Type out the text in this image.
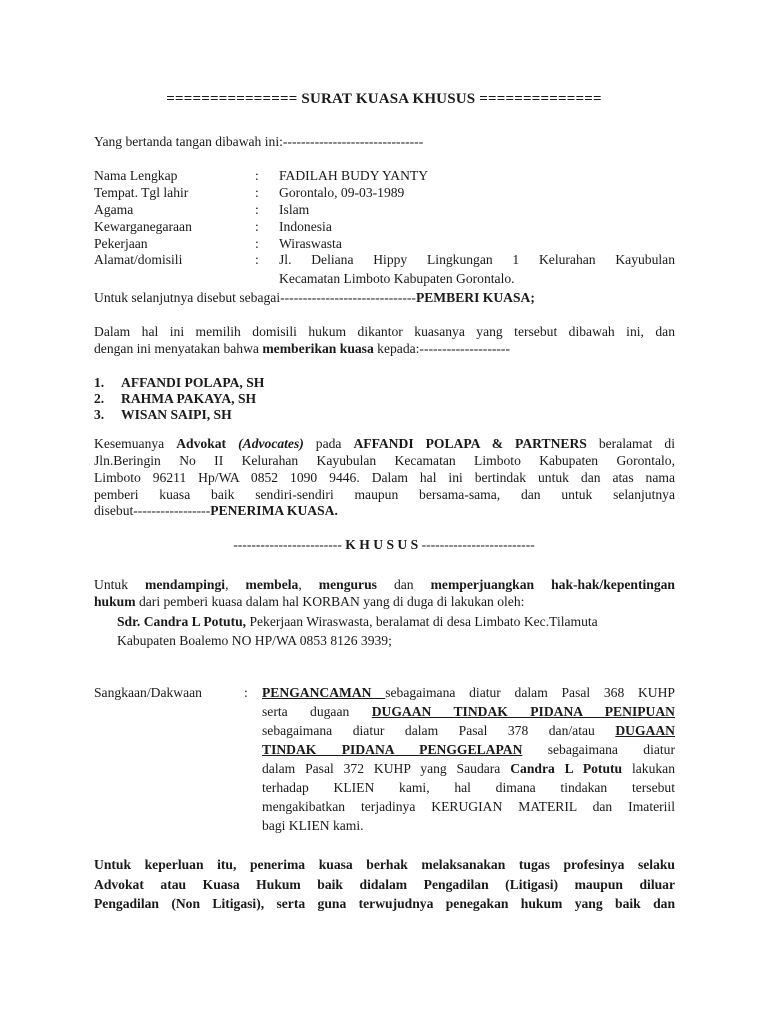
=============== SURAT KUASA KHUSUS ==============
Yang bertanda tangan dibawah ini:-------------------------------
Nama Lengkap	: FADILAH BUDY YANTY
Tempat. Tgl lahir	: Gorontalo, 09-03-1989
Agama	: Islam
Kewarganegaraan	: Indonesia
Pekerjaan	: Wiraswasta
Alamat/domisili	: Jl. Deliana Hippy Lingkungan 1 Kelurahan Kayubulan
Kecamatan Limboto Kabupaten Gorontalo.
Untuk selanjutnya disebut sebagai------------------------------PEMBERI KUASA;
Dalam hal ini memilih domisili hukum dikantor kuasanya yang tersebut dibawah ini, dan
dengan ini menyatakan bahwa memberikan kuasa kepada:--------------------
1. AFFANDI POLAPA, SH
2. RAHMA PAKAYA, SH
3. WISAN SAIPI, SH
Kesemuanya Advokat (Advocates) pada AFFANDI POLAPA & PARTNERS beralamat di
Jln.Beringin No II Kelurahan Kayubulan Kecamatan Limboto Kabupaten Gorontalo,
Limboto 96211 Hp/WA 0852 1090 9446. Dalam hal ini bertindak untuk dan atas nama
pemberi kuasa baik sendiri-sendiri maupun bersama-sama, dan untuk selanjutnya
disebut-----------------PENERIMA KUASA.
------------------------ K H U S U S -------------------------
Untuk mendampingi, membela, mengurus dan memperjuangkan hak-hak/kepentingan
hukum dari pemberi kuasa dalam hal KORBAN yang di duga di lakukan oleh:
Sdr. Candra L Potutu, Pekerjaan Wiraswasta, beralamat di desa Limbato Kec.Tilamuta
Kabupaten Boalemo NO HP/WA 0853 8126 3939;
Sangkaan/Dakwaan	: PENGANCAMAN sebagaimana diatur dalam Pasal 368 KUHP
serta dugaan DUGAAN TINDAK PIDANA PENIPUAN
sebagaimana diatur dalam Pasal 378 dan/atau DUGAAN
TINDAK PIDANA PENGGELAPAN sebagaimana diatur
dalam Pasal 372 KUHP yang Saudara Candra L Potutu lakukan
terhadap KLIEN kami, hal dimana tindakan tersebut
mengakibatkan terjadinya KERUGIAN MATERIL dan Imateriil
bagi KLIEN kami.
Untuk keperluan itu, penerima kuasa berhak melaksanakan tugas profesinya selaku
Advokat atau Kuasa Hukum baik didalam Pengadilan (Litigasi) maupun diluar
Pengadilan (Non Litigasi), serta guna terwujudnya penegakan hukum yang baik dan
